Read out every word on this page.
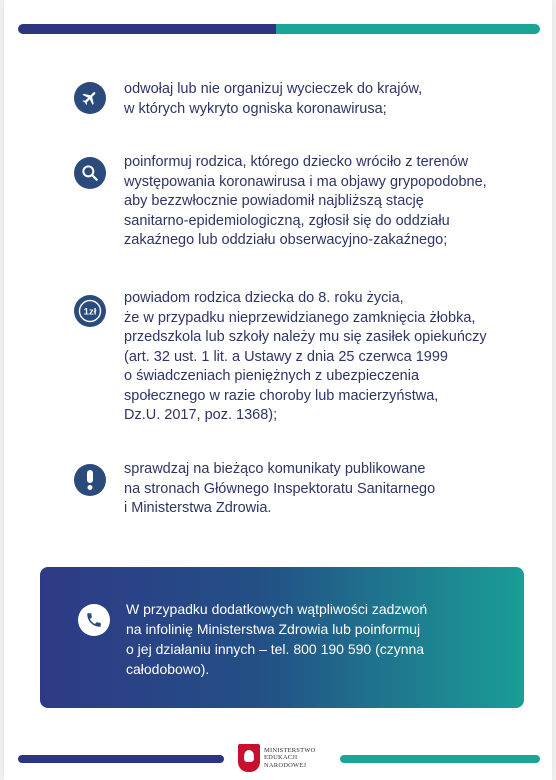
odwołaj lub nie organizuj wycieczek do krajów,
w których wykryto ogniska koronawirusa;
poinformuj rodzica, którego dziecko wróciło z terenów
występowania koronawirusa i ma objawy grypopodobne,
aby bezzwłocznie powiadomił najbliższą stację
sanitarno-epidemiologiczną, zgłosił się do oddziału
zakaźnego lub oddziału obserwacyjno-zakaźnego;
1zł
powiadom rodzica dziecka do 8. roku życia,
że w przypadku nieprzewidzianego zamknięcia żłobka,
przedszkola lub szkoły należy mu się zasiłek opiekuńczy
(art. 32 ust. 1 lit. a Ustawy z dnia 25 czerwca 1999
o świadczeniach pieniężnych z ubezpieczenia
społecznego w razie choroby lub macierzyństwa,
Dz.U. 2017, poz. 1368);
sprawdzaj na bieżąco komunikaty publikowane
na stronach Głównego Inspektoratu Sanitarnego
i Ministerstwa Zdrowia.
W przypadku dodatkowych wątpliwości zadzwoń
na infolinię Ministerstwa Zdrowia lub poinformuj
o jej działaniu innych – tel. 800 190 590 (czynna
całodobowo).
MINISTERSTWO
EDUKACJI
NARODOWEJ
